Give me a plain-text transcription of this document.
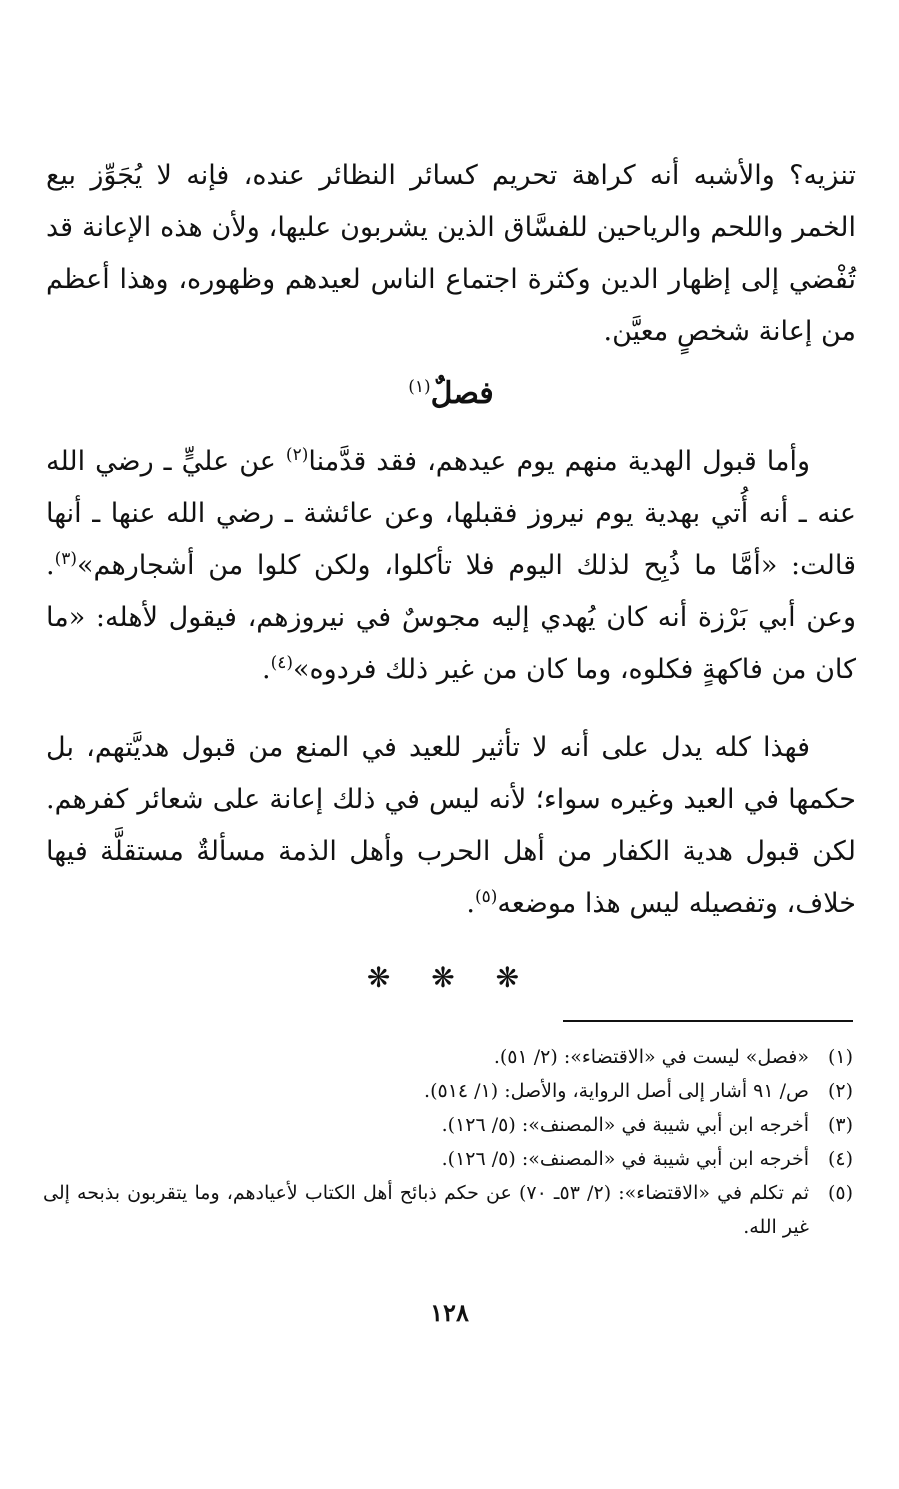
تنزيه؟ والأشبه أنه كراهة تحريم كسائر النظائر عنده، فإنه لا يُجَوِّز بيع الخمر واللحم والرياحين للفسَّاق الذين يشربون عليها، ولأن هذه الإعانة قد تُفْضي إلى إظهار الدين وكثرة اجتماع الناس لعيدهم وظهوره، وهذا أعظم من إعانة شخصٍ معيَّن.

فصلٌ$^{(١)}$

وأما قبول الهدية منهم يوم عيدهم، فقد قدَّمنا$^{(٢)}$ عن عليٍّ ـ رضي الله عنه ـ أنه أُتي بهدية يوم نيروز فقبلها، وعن عائشة ـ رضي الله عنها ـ أنها قالت: «أمَّا ما ذُبِح لذلك اليوم فلا تأكلوا، ولكن كلوا من أشجارهم»$^{(٣)}$. وعن أبي بَرْزة أنه كان يُهدي إليه مجوسٌ في نيروزهم، فيقول لأهله: «ما كان من فاكهةٍ فكلوه، وما كان من غير ذلك فردوه»$^{(٤)}$.

فهذا كله يدل على أنه لا تأثير للعيد في المنع من قبول هديَّتهم، بل حكمها في العيد وغيره سواء؛ لأنه ليس في ذلك إعانة على شعائر كفرهم. لكن قبول هدية الكفار من أهل الحرب وأهل الذمة مسألةٌ مستقلَّة فيها خلاف، وتفصيله ليس هذا موضعه$^{(٥)}$.

❋ ❋ ❋
(١)
«فصل» ليست في «الاقتضاء»: (٢/ ٥١).
(٢)
ص/ ٩١ أشار إلى أصل الرواية، والأصل: (١/ ٥١٤).
(٣)
أخرجه ابن أبي شيبة في «المصنف»: (٥/ ١٢٦).
(٤)
أخرجه ابن أبي شيبة في «المصنف»: (٥/ ١٢٦).
(٥)
ثم تكلم في «الاقتضاء»: (٢/ ٥٣ـ ٧٠) عن حكم ذبائح أهل الكتاب لأعيادهم، وما يتقربون بذبحه إلى غير الله.
١٢٨
